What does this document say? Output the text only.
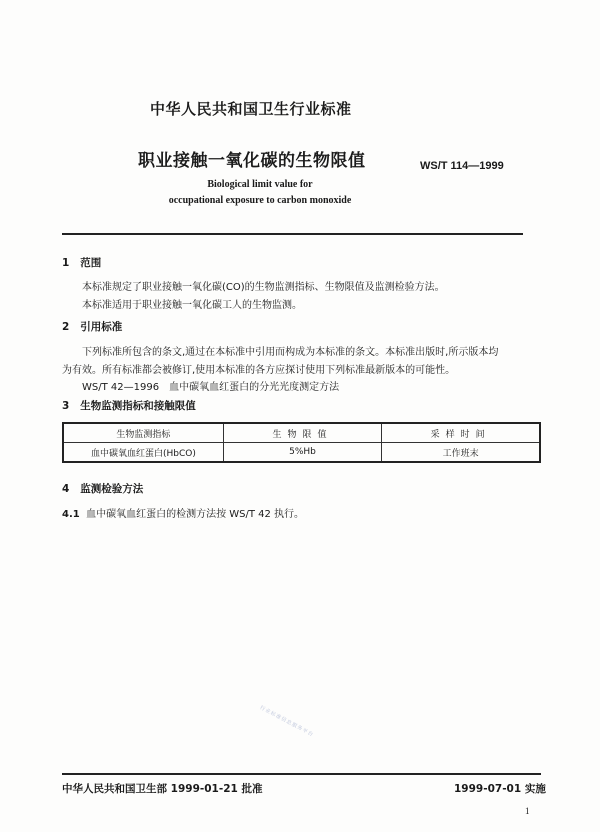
中华人民共和国卫生行业标准
职业接触一氧化碳的生物限值	WS/T 114—1999
Biological limit value for
occupational exposure to carbon monoxide
1 范围
本标准规定了职业接触一氧化碳(CO)的生物监测指标、生物限值及监测检验方法。
本标准适用于职业接触一氧化碳工人的生物监测。
2 引用标准
下列标准所包含的条文,通过在本标准中引用而构成为本标准的条文。本标准出版时,所示版本均
为有效。所有标准都会被修订,使用本标准的各方应探讨使用下列标准最新版本的可能性。
WS/T 42—1996　血中碳氧血红蛋白的分光光度测定方法
3 生物监测指标和接触限值
生物监测指标	生物限值	采样时间
血中碳氧血红蛋白(HbCO)	5%Hb	工作班末
4 监测检验方法
4.1 血中碳氧血红蛋白的检测方法按 WS/T 42 执行。
行业标准信息服务平台
中华人民共和国卫生部 1999-01-21 批准	1999-07-01 实施
1
